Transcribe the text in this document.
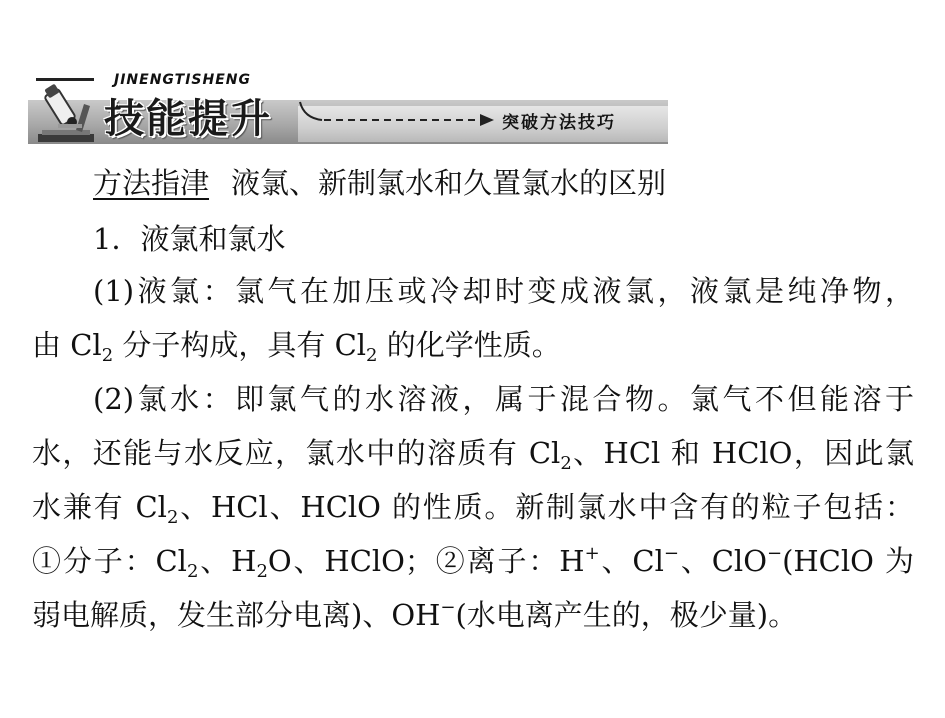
JINENGTISHENG
技能提升	突破方法技巧
方法指津 液氯、新制氯水和久置氯水的区别
1．液氯和氯水
(1)液氯：氯气在加压或冷却时变成液氯，液氯是纯净物，
由 $Cl_2$ 分子构成，具有 $Cl_2$ 的化学性质。
(2)氯水：即氯气的水溶液，属于混合物。氯气不但能溶于
水，还能与水反应，氯水中的溶质有 $Cl_2$、HCl 和 HClO，因此氯
水兼有 $Cl_2$、HCl、HClO 的性质。新制氯水中含有的粒子包括：
①分子：$Cl_2$、$H_2O$、HClO；②离子：H+、Cl−、ClO−(HClO 为
弱电解质，发生部分电离)、OH−(水电离产生的，极少量)。
